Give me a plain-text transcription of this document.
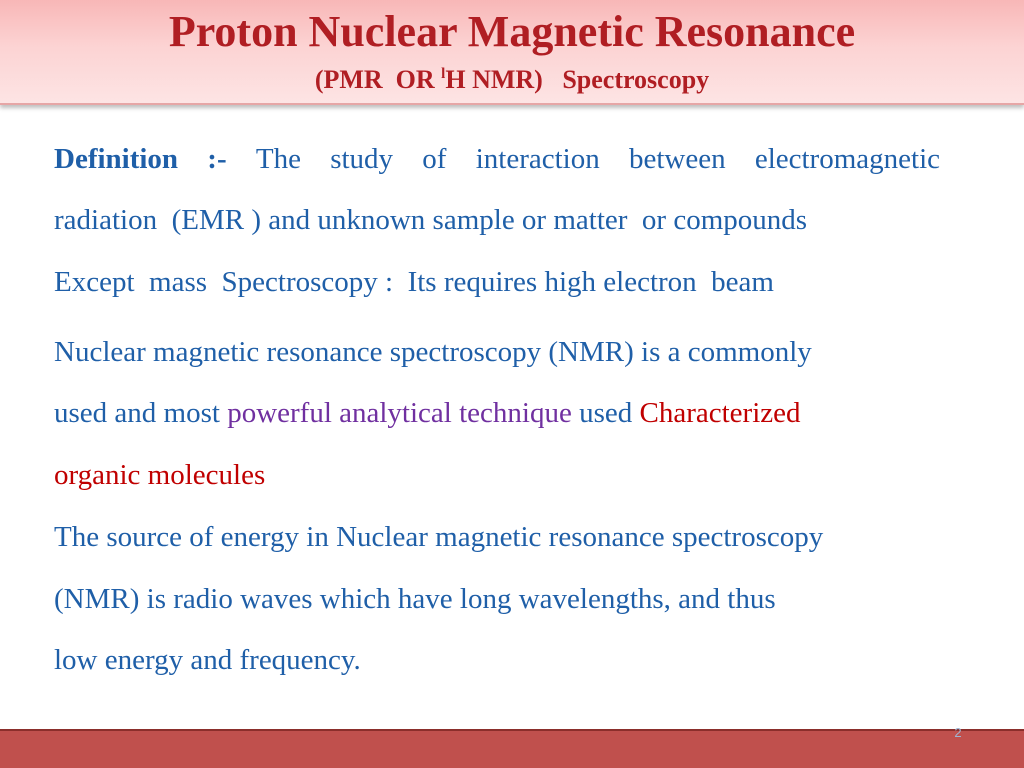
Proton Nuclear Magnetic Resonance
(PMR  OR $^l$H NMR)   Spectroscopy
Definition :- The study of interaction between electromagnetic
radiation  (EMR ) and unknown sample or matter  or compounds
Except  mass  Spectroscopy :  Its requires high electron  beam
Nuclear magnetic resonance spectroscopy (NMR) is a commonly
used and most powerful analytical technique used Characterized
organic molecules
The source of energy in Nuclear magnetic resonance spectroscopy
(NMR) is radio waves which have long wavelengths, and thus
low energy and frequency.
2
